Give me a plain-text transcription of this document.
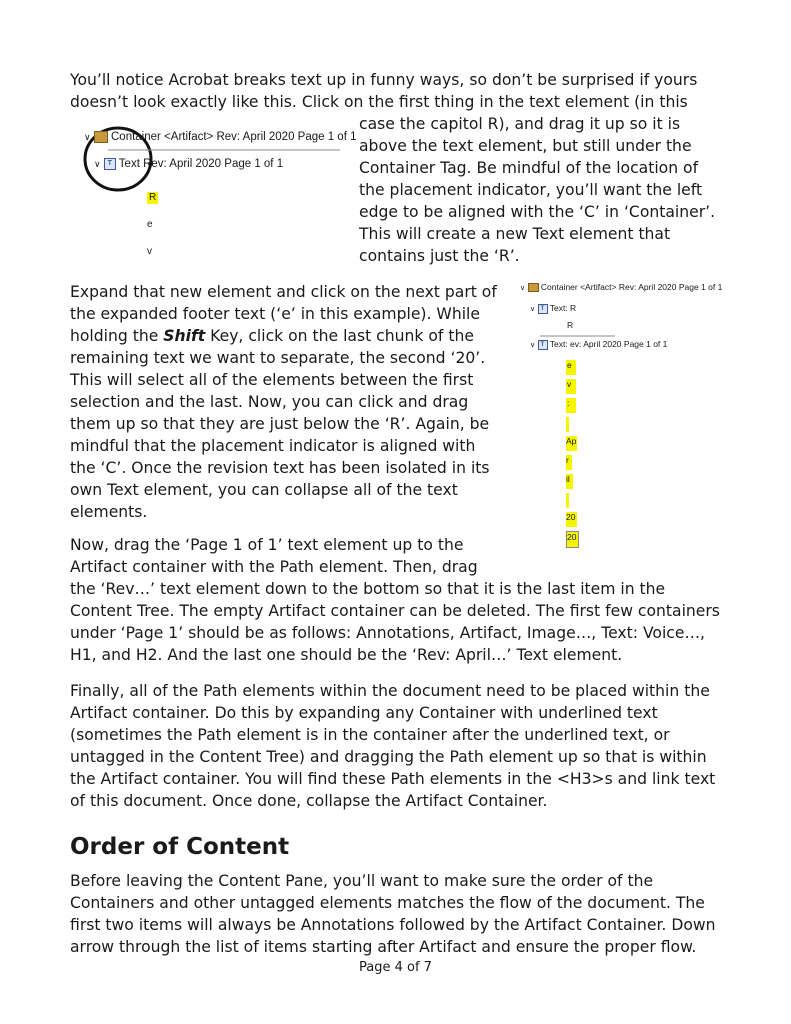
You’ll notice Acrobat breaks text up in funny ways, so don’t be surprised if yours
doesn’t look exactly like this. Click on the first thing in the text element (in this
case the capitol R), and drag it up so it is
above the text element, but still under the
Container Tag. Be mindful of the location of
the placement indicator, you’ll want the left
edge to be aligned with the ‘C’ in ‘Container’.
This will create a new Text element that
contains just the ‘R’.
∨ Container <Artifact> Rev: April 2020 Page 1 of 1
∨ T Text Rev: April 2020 Page 1 of 1
R
e
v
Expand that new element and click on the next part of
the expanded footer text (‘e’ in this example). While
holding the Shift Key, click on the last chunk of the
remaining text we want to separate, the second ‘20’.
This will select all of the elements between the first
selection and the last. Now, you can click and drag
them up so that they are just below the ‘R’. Again, be
mindful that the placement indicator is aligned with
the ‘C’. Once the revision text has been isolated in its
own Text element, you can collapse all of the text
elements.
∨ Container <Artifact> Rev: April 2020 Page 1 of 1
∨ T Text: R
R
∨ T Text: ev: April 2020 Page 1 of 1
e
v
:
Ap
r
il
20
20
Now, drag the ‘Page 1 of 1’ text element up to the
Artifact container with the Path element. Then, drag
the ‘Rev…’ text element down to the bottom so that it is the last item in the
Content Tree. The empty Artifact container can be deleted. The first few containers
under ‘Page 1’ should be as follows: Annotations, Artifact, Image…, Text: Voice…,
H1, and H2. And the last one should be the ‘Rev: April…’ Text element.
Finally, all of the Path elements within the document need to be placed within the
Artifact container. Do this by expanding any Container with underlined text
(sometimes the Path element is in the container after the underlined text, or
untagged in the Content Tree) and dragging the Path element up so that is within
the Artifact container. You will find these Path elements in the <H3>s and link text
of this document. Once done, collapse the Artifact Container.
Order of Content
Before leaving the Content Pane, you’ll want to make sure the order of the
Containers and other untagged elements matches the flow of the document. The
first two items will always be Annotations followed by the Artifact Container. Down
arrow through the list of items starting after Artifact and ensure the proper flow.
Page 4 of 7
